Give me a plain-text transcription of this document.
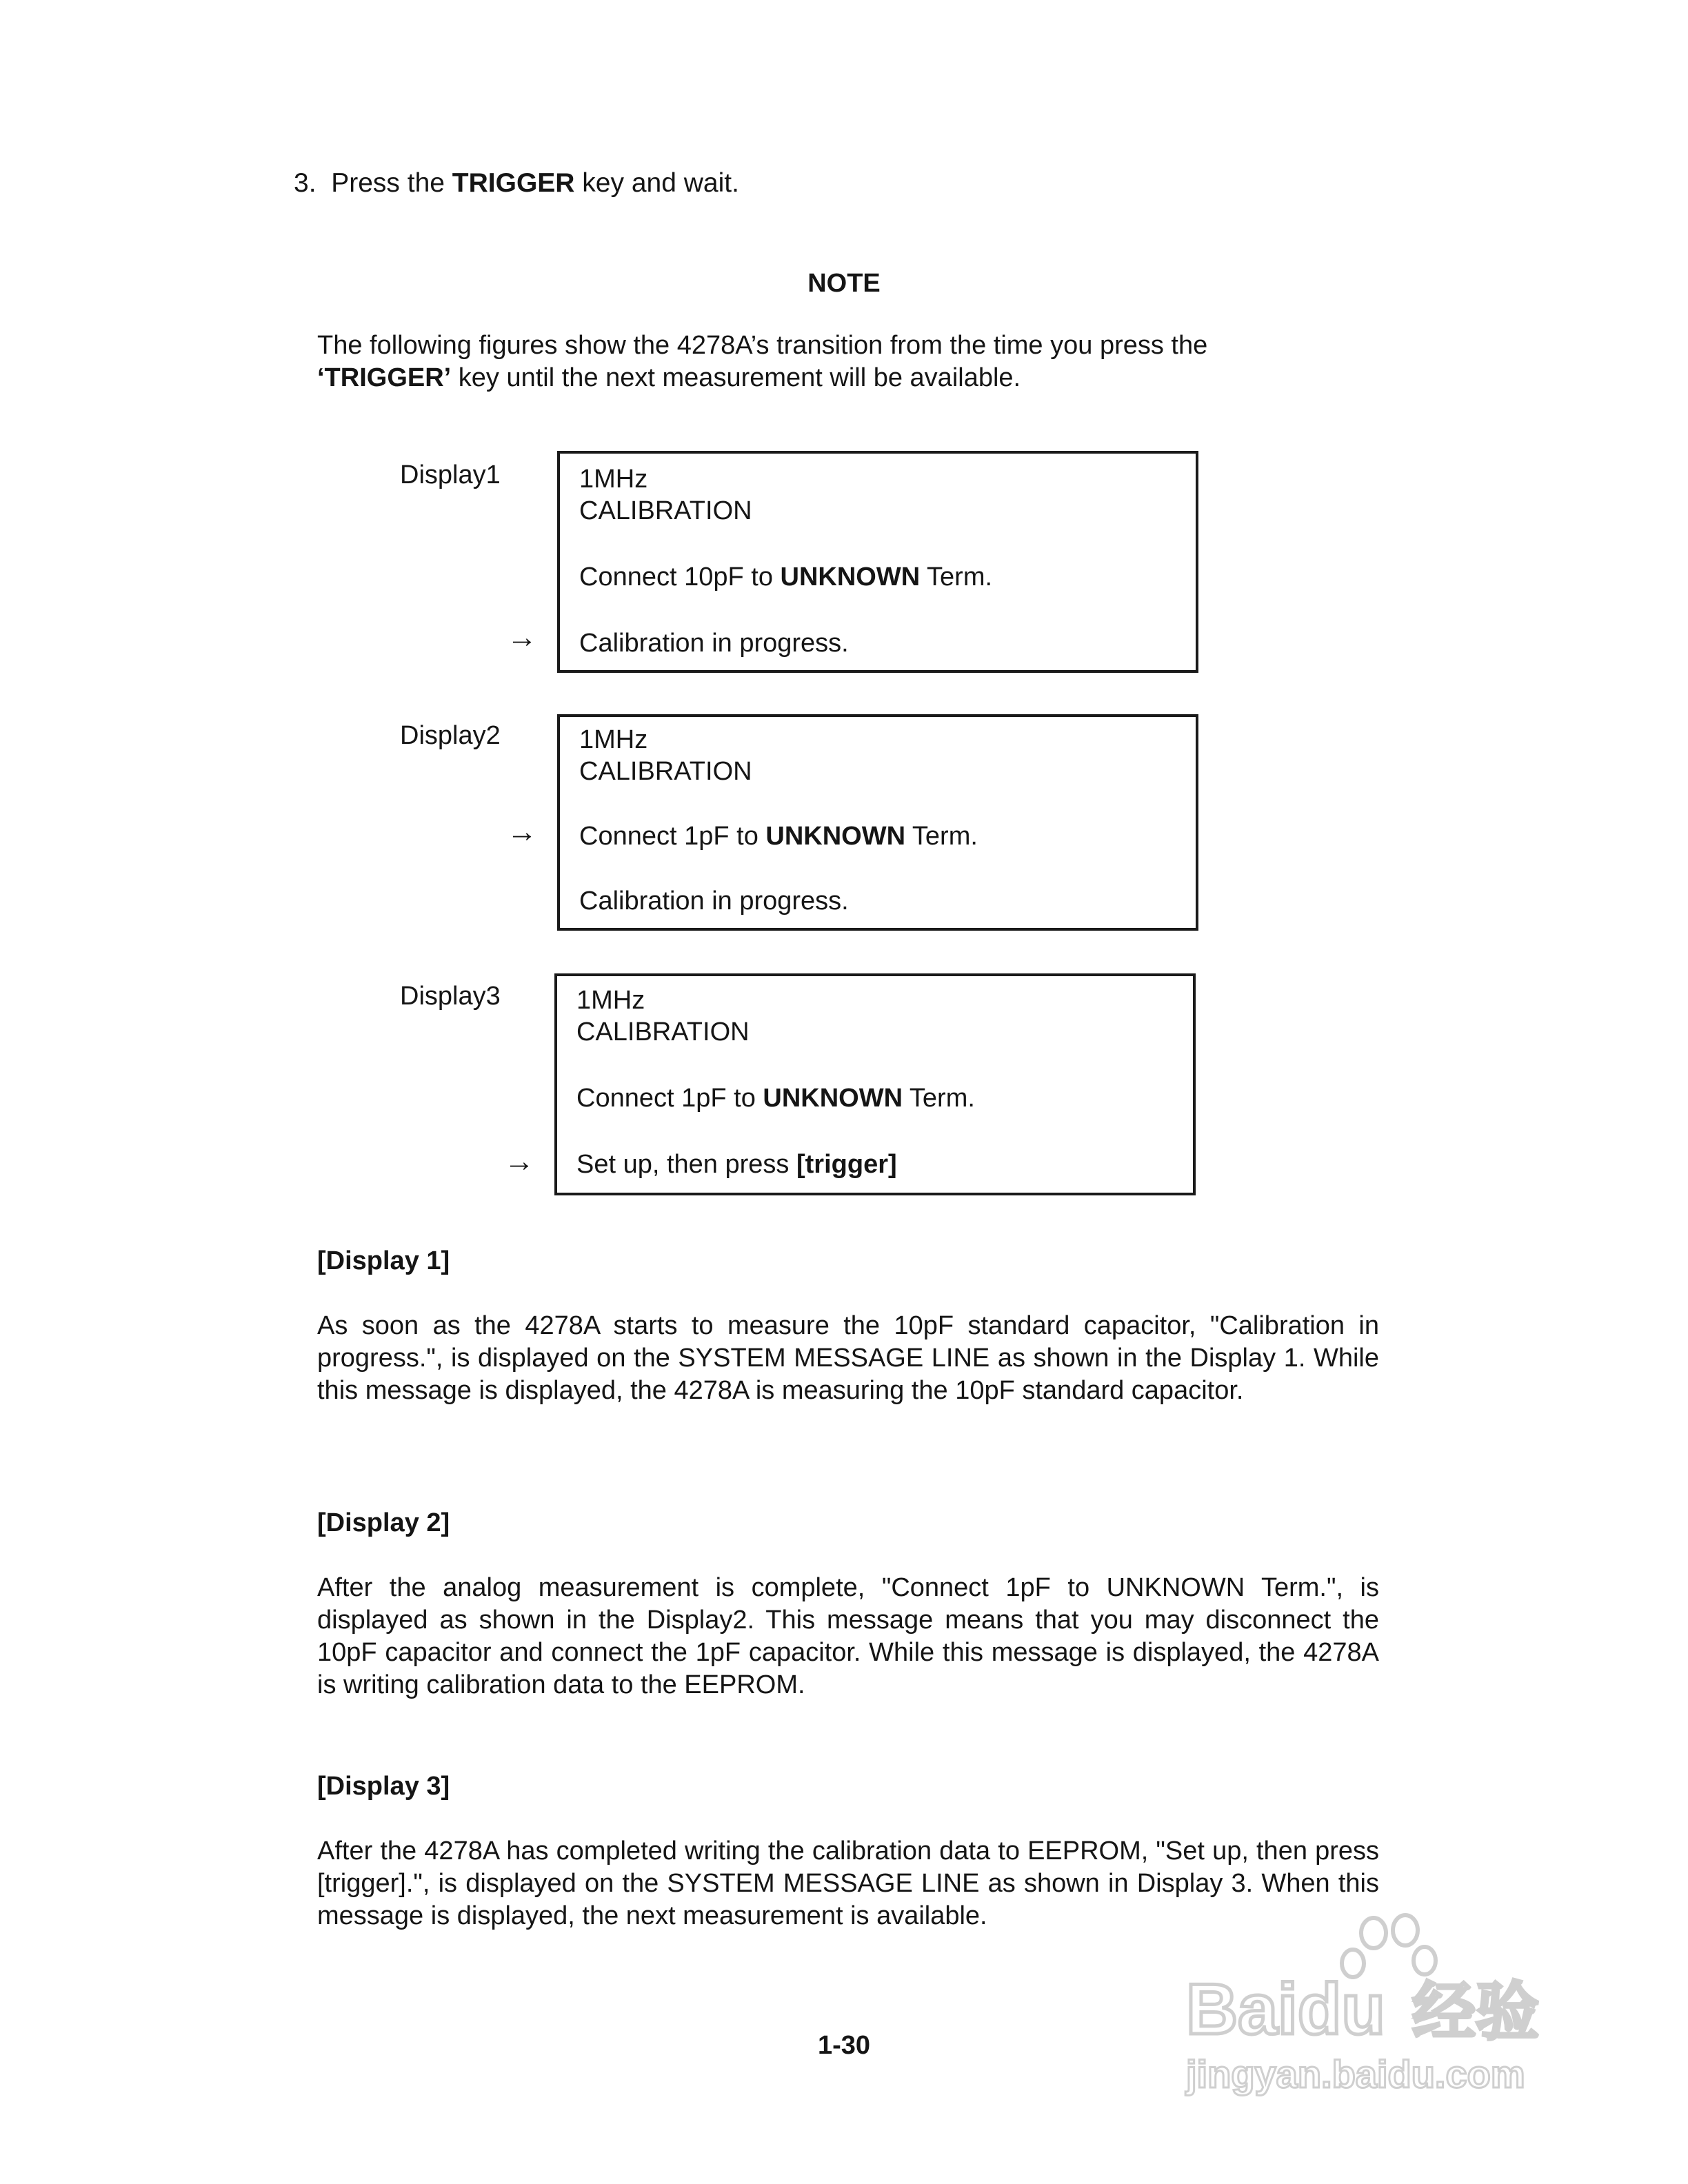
3. Press the TRIGGER key and wait.
NOTE
The following figures show the 4278A’s transition from the time you press the
‘TRIGGER’ key until the next measurement will be available.
Display1	1MHz
CALIBRATION
Connect 10pF to UNKNOWN Term.
Calibration in progress.
→
Display2	1MHz
CALIBRATION
Connect 1pF to UNKNOWN Term.
Calibration in progress.
→
Display3	1MHz
CALIBRATION
Connect 1pF to UNKNOWN Term.
Set up, then press [trigger]
→
[Display 1]
As soon as the 4278A starts to measure the 10pF standard capacitor, "Calibration in progress.", is displayed on the SYSTEM MESSAGE LINE as shown in the Display 1. While this message is displayed, the 4278A is measuring the 10pF standard capacitor.
[Display 2]
After the analog measurement is complete, "Connect 1pF to UNKNOWN Term.", is displayed as shown in the Display2. This message means that you may disconnect the 10pF capacitor and connect the 1pF capacitor. While this message is displayed, the 4278A is writing calibration data to the EEPROM.
[Display 3]
After the 4278A has completed writing the calibration data to EEPROM, "Set up, then press [trigger].", is displayed on the SYSTEM MESSAGE LINE as shown in Display 3. When this message is displayed, the next measurement is available.
1-30	Baidu 经验
jingyan.baidu.com
